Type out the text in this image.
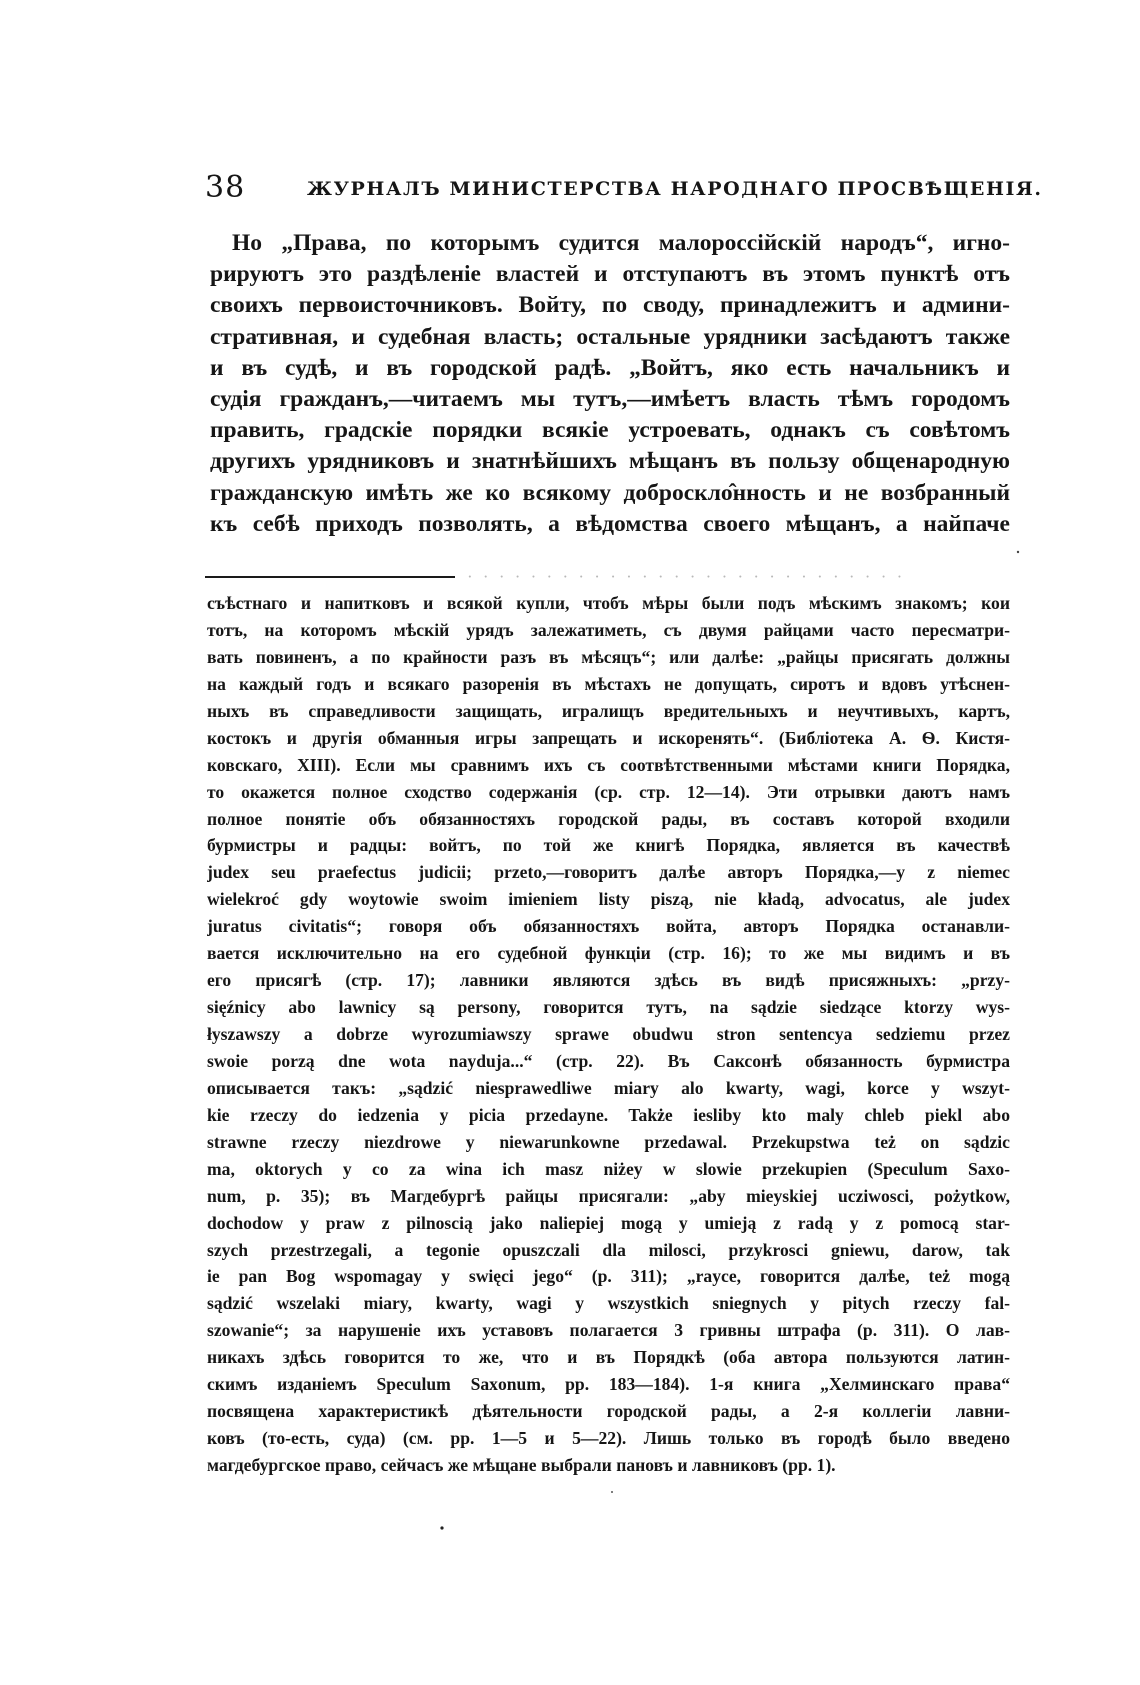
38	ЖУРНАЛЪ МИНИСТЕРСТВА НАРОДНАГО ПРОСВѢЩЕНІЯ.
Но „Права, по которымъ судится малороссійскій народъ“, игно-
рируютъ это раздѣленіе властей и отступаютъ въ этомъ пунктѣ отъ
своихъ первоисточниковъ. Войту, по своду, принадлежитъ и админи-
стративная, и судебная власть; остальные урядники засѣдаютъ также
и въ судѣ, и въ городской радѣ. „Войтъ, яко есть начальникъ и
судія гражданъ,—читаемъ мы тутъ,—имѣетъ власть тѣмъ городомъ
править, градскіе порядки всякіе устроевать, однакъ съ совѣтомъ
другихъ урядниковъ и знатнѣйшихъ мѣщанъ въ пользу общенародную
гражданскую имѣть же ко всякому доброскло̂нность и не возбранный
къ себѣ приходъ позволять, а вѣдомства своего мѣщанъ, а найпаче
· · · · · · · · · · · · · · · · · · · · · · · · · · · ·
съѣстнаго и напитковъ и всякой купли, чтобъ мѣры были подъ мѣскимъ знакомъ; кои
тотъ, на которомъ мѣскій урядъ залежатиметь, съ двумя райцами часто пересматри-
вать повиненъ, а по крайности разъ въ мѣсяцъ“; или далѣе: „райцы присягать должны
на каждый годъ и всякаго разоренія въ мѣстахъ не допущать, сиротъ и вдовъ утѣснен-
ныхъ въ справедливости защищать, игралищъ вредительныхъ и неучтивыхъ, картъ,
костокъ и другія обманныя игры запрещать и искоренять“. (Библіотека А. Ѳ. Кистя-
ковскаго, XIII). Если мы сравнимъ ихъ съ соотвѣтственными мѣстами книги Порядка,
то окажется полное сходство содержанія (ср. стр. 12—14). Эти отрывки даютъ намъ
полное понятіе объ обязанностяхъ городской рады, въ составъ которой входили
бурмистры и радцы: войтъ, по той же книгѣ Порядка, является въ качествѣ
judex seu praefectus judicii; przeto,—говоритъ далѣе авторъ Порядка,—y z niemec
wielekroć gdy woytowie swoim imieniem listy piszą, nie kładą, advocatus, ale judex
juratus civitatis“; говоря объ обязанностяхъ войта, авторъ Порядка останавли-
вается исключительно на его судебной функціи (стр. 16); то же мы видимъ и въ
его присягѣ (стр. 17); лавники являются здѣсь въ видѣ присяжныхъ: „przy-
sięźnicy abo lawnicy są persony, говорится тутъ, na sądzie siedzące ktorzy wys-
łyszawszy a dobrze wyrozumiawszy sprawe obudwu stron sentencya sedziemu przez
swoie porzą dne wota nayduja...“ (стр. 22). Въ Саксонѣ обязанность бурмистра
описывается такъ: „sądzić niesprawedliwe miary alo kwarty, wagi, korce y wszyt-
kie rzeczy do iedzenia y picia przedayne. Także iesliby kto maly chleb piekl abo
strawne rzeczy niezdrowe y niewarunkowne przedawal. Przekupstwa też on sądzic
ma, oktorych y co za wina ich masz niżey w slowie przekupien (Speculum Saxo-
num, p. 35); въ Магдебургѣ райцы присягали: „aby mieyskiej ucziwosci, pożytkow,
dochodow y praw z pilnoscią jako naliepiej mogą y umieją z radą y z pomocą star-
szych przestrzegali, a tegonie opuszczali dla miloscі, przykrosci gniewu, darow, tak
ie pan Bog wspomagay y swięci jego“ (p. 311); „rayce, говорится далѣе, też mogą
sądzić wszelaki miary, kwarty, wagi y wszystkich sniegnych y pitych rzeczy fal-
szowanie“; за нарушеніе ихъ уставовъ полагается 3 гривны штрафа (p. 311). О лав-
никахъ здѣсь говорится то же, что и въ Порядкѣ (оба автора пользуются латин-
скимъ изданіемъ Speculum Saxonum, pp. 183—184). 1-я книга „Хелминскаго права“
посвящена характеристикѣ дѣятельности городской рады, а 2-я коллегіи лавни-
ковъ (то-есть, суда) (см. pp. 1—5 и 5—22). Лишь только въ городѣ было введено
магдебургское право, сейчасъ же мѣщане выбрали пановъ и лавниковъ (pp. 1).
